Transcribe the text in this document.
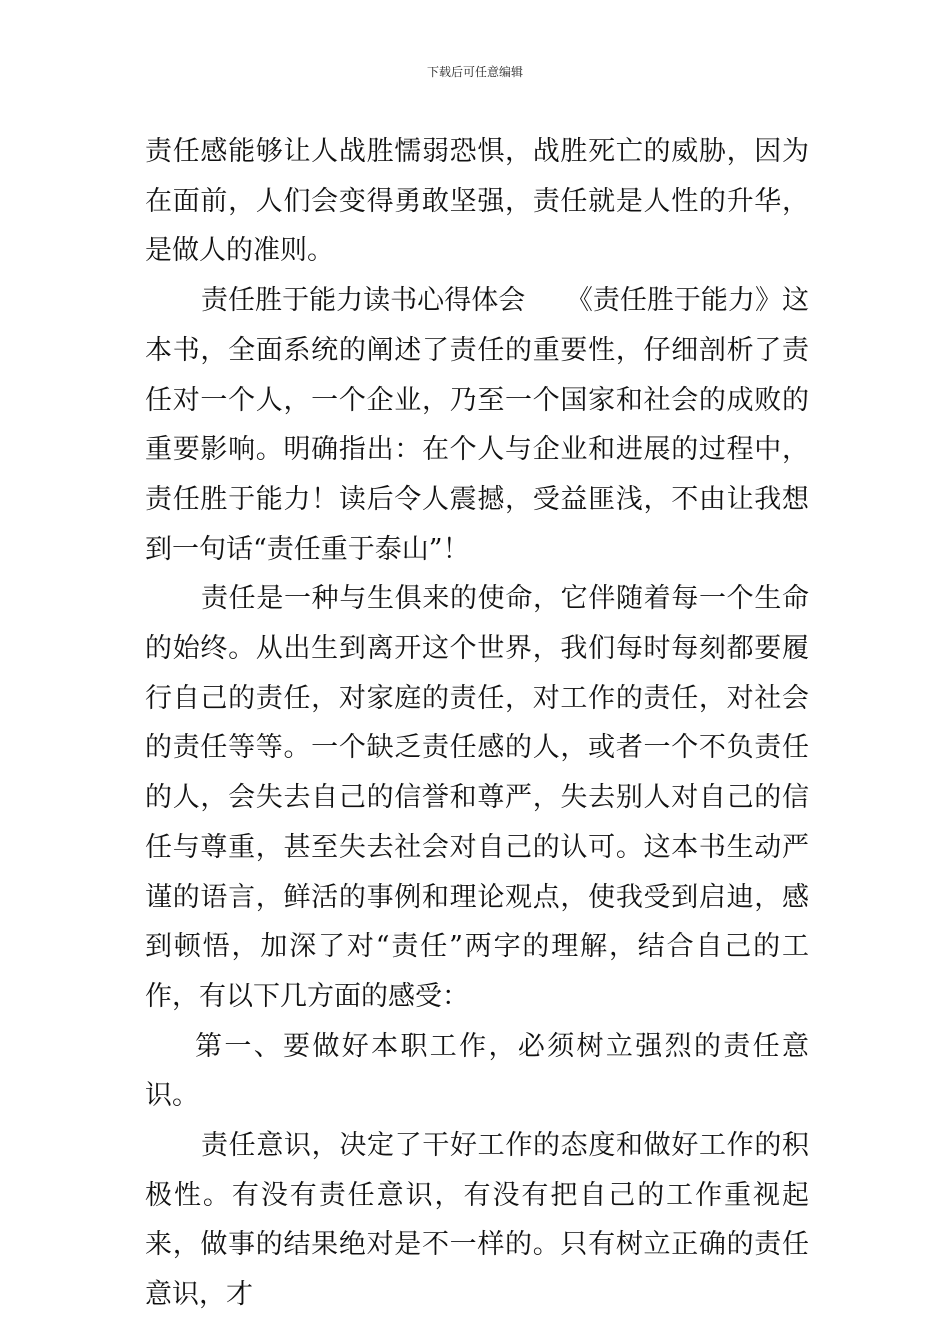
下载后可任意编辑

责任感能够让人战胜懦弱恐惧，战胜死亡的威胁，因为在面前，人们会变得勇敢坚强，责任就是人性的升华，是做人的准则。

责任胜于能力读书心得体会　　《责任胜于能力》这本书，全面系统的阐述了责任的重要性，仔细剖析了责任对一个人，一个企业，乃至一个国家和社会的成败的重要影响。明确指出：在个人与企业和进展的过程中，责任胜于能力！读后令人震撼，受益匪浅，不由让我想到一句话“责任重于泰山”！

责任是一种与生俱来的使命，它伴随着每一个生命的始终。从出生到离开这个世界，我们每时每刻都要履行自己的责任，对家庭的责任，对工作的责任，对社会的责任等等。一个缺乏责任感的人，或者一个不负责任的人，会失去自己的信誉和尊严，失去别人对自己的信任与尊重，甚至失去社会对自己的认可。这本书生动严谨的语言，鲜活的事例和理论观点，使我受到启迪，感到顿悟，加深了对“责任”两字的理解，结合自己的工作，有以下几方面的感受：

第一、要做好本职工作，必须树立强烈的责任意识。

责任意识，决定了干好工作的态度和做好工作的积极性。有没有责任意识，有没有把自己的工作重视起来，做事的结果绝对是不一样的。只有树立正确的责任意识，才
